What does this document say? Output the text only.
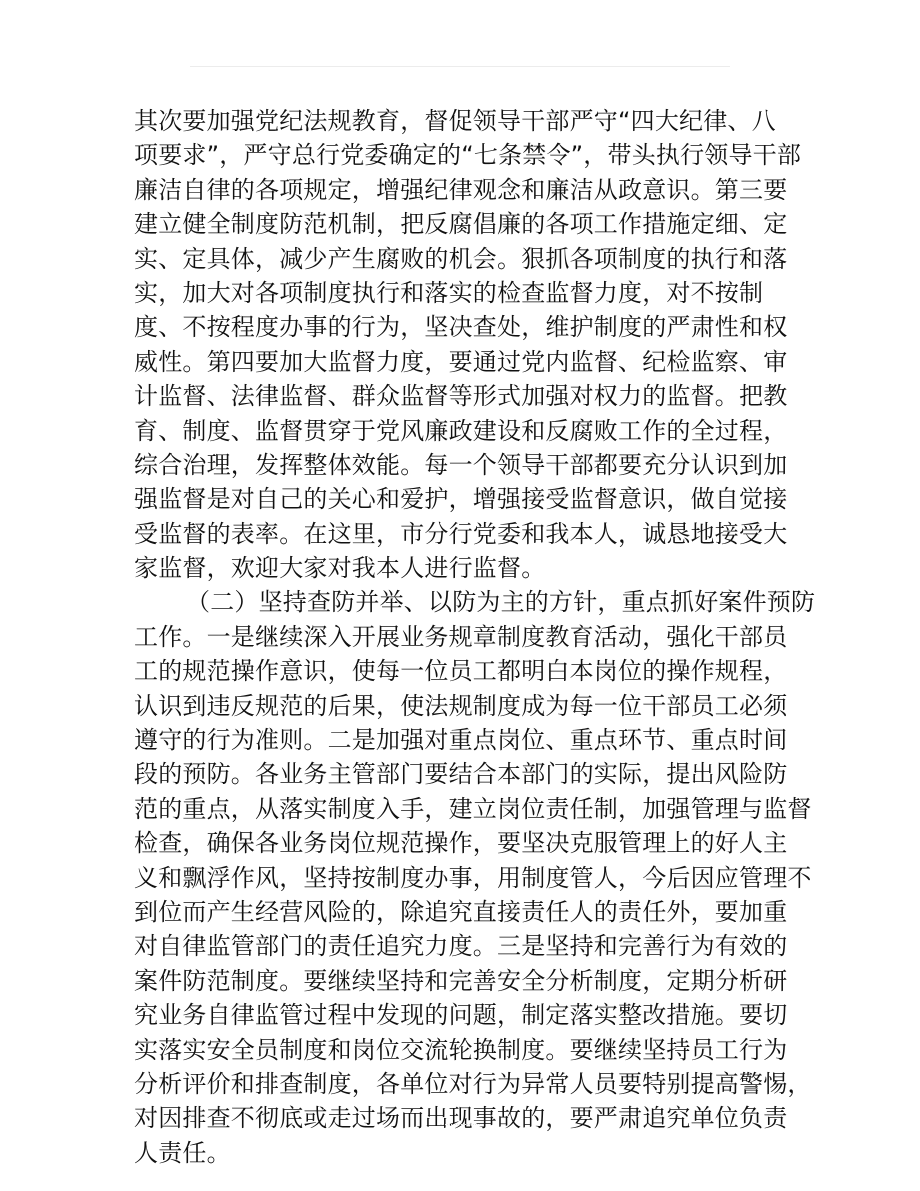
其次要加强党纪法规教育，督促领导干部严守“四大纪律、八
项要求”，严守总行党委确定的“七条禁令”，带头执行领导干部
廉洁自律的各项规定，增强纪律观念和廉洁从政意识。第三要
建立健全制度防范机制，把反腐倡廉的各项工作措施定细、定
实、定具体，减少产生腐败的机会。狠抓各项制度的执行和落
实，加大对各项制度执行和落实的检查监督力度，对不按制
度、不按程度办事的行为，坚决查处，维护制度的严肃性和权
威性。第四要加大监督力度，要通过党内监督、纪检监察、审
计监督、法律监督、群众监督等形式加强对权力的监督。把教
育、制度、监督贯穿于党风廉政建设和反腐败工作的全过程，
综合治理，发挥整体效能。每一个领导干部都要充分认识到加
强监督是对自己的关心和爱护，增强接受监督意识，做自觉接
受监督的表率。在这里，市分行党委和我本人，诚恳地接受大
家监督，欢迎大家对我本人进行监督。
（二）坚持查防并举、以防为主的方针，重点抓好案件预防
工作。一是继续深入开展业务规章制度教育活动，强化干部员
工的规范操作意识，使每一位员工都明白本岗位的操作规程，
认识到违反规范的后果，使法规制度成为每一位干部员工必须
遵守的行为准则。二是加强对重点岗位、重点环节、重点时间
段的预防。各业务主管部门要结合本部门的实际，提出风险防
范的重点，从落实制度入手，建立岗位责任制，加强管理与监督
检查，确保各业务岗位规范操作，要坚决克服管理上的好人主
义和飘浮作风，坚持按制度办事，用制度管人，今后因应管理不
到位而产生经营风险的，除追究直接责任人的责任外，要加重
对自律监管部门的责任追究力度。三是坚持和完善行为有效的
案件防范制度。要继续坚持和完善安全分析制度，定期分析研
究业务自律监管过程中发现的问题，制定落实整改措施。要切
实落实安全员制度和岗位交流轮换制度。要继续坚持员工行为
分析评价和排查制度，各单位对行为异常人员要特别提高警惕，
对因排查不彻底或走过场而出现事故的，要严肃追究单位负责
人责任。
